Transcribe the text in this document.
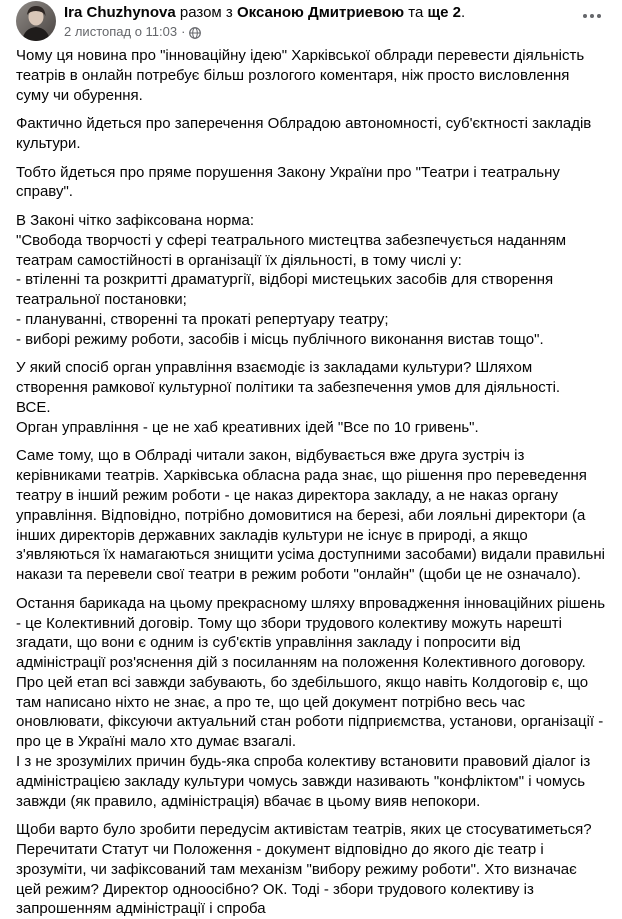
Ira Chuzhynova разом з Оксаною Дмитриевою та ще 2.
2 листопад о 11:03 ·
Чому ця новина про "інноваційну ідею" Харківської облради перевести діяльність театрів в онлайн потребує більш розлогого коментаря, ніж просто висловлення суму чи обурення.
Фактично йдеться про заперечення Облрадою автономності, суб'єктності закладів культури.
Тобто йдеться про пряме порушення Закону України про "Театри і театральну справу".
В Законі чітко зафіксована норма:
"Свобода творчості у сфері театрального мистецтва забезпечується наданням театрам самостійності в організації їх діяльності, в тому числі у:
- втіленні та розкритті драматургії, відборі мистецьких засобів для створення театральної постановки;
- плануванні, створенні та прокаті репертуару театру;
- виборі режиму роботи, засобів і місць публічного виконання вистав тощо".
У який спосіб орган управління взаємодіє із закладами культури? Шляхом створення рамкової культурної політики та забезпечення умов для діяльності.
ВСЕ.
Орган управління - це не хаб креативних ідей "Все по 10 гривень".
Саме тому, що в Облраді читали закон, відбувається вже друга зустріч із керівниками театрів. Харківська обласна рада знає, що рішення про переведення театру в інший режим роботи - це наказ директора закладу, а не наказ органу управління. Відповідно, потрібно домовитися на березі, аби лояльні директори (а інших директорів державних закладів культури не існує в природі, а якщо з'являються їх намагаються знищити усіма доступними засобами) видали правильні накази та перевели свої театри в режим роботи "онлайн" (щоби це не означало).
Остання барикада на цьому прекрасному шляху впровадження інноваційних рішень - це Колективний договір. Тому що збори трудового колективу можуть нарешті згадати, що вони є одним із суб'єктів управління закладу і попросити від адміністрації роз'яснення дій з посиланням на положення Колективного договору. Про цей етап всі завжди забувають, бо здебільшого, якщо навіть Колдоговір є, що там написано ніхто не знає, а про те, що цей документ потрібно весь час оновлювати, фіксуючи актуальний стан роботи підприємства, установи, організації - про це в Україні мало хто думає взагалі.
І з не зрозумілих причин будь-яка спроба колективу встановити правовий діалог із адміністрацією закладу культури чомусь завжди називають "конфліктом" і чомусь завжди (як правило, адміністрація) вбачає в цьому вияв непокори.
Щоби варто було зробити передусім активістам театрів, яких це стосуватиметься? Перечитати Статут чи Положення - документ відповідно до якого діє театр і зрозуміти, чи зафіксований там механізм "вибору режиму роботи". Хто визначає цей режим? Директор одноосібно? ОК. Тоді - збори трудового колективу із запрошенням адміністрації і спроба
